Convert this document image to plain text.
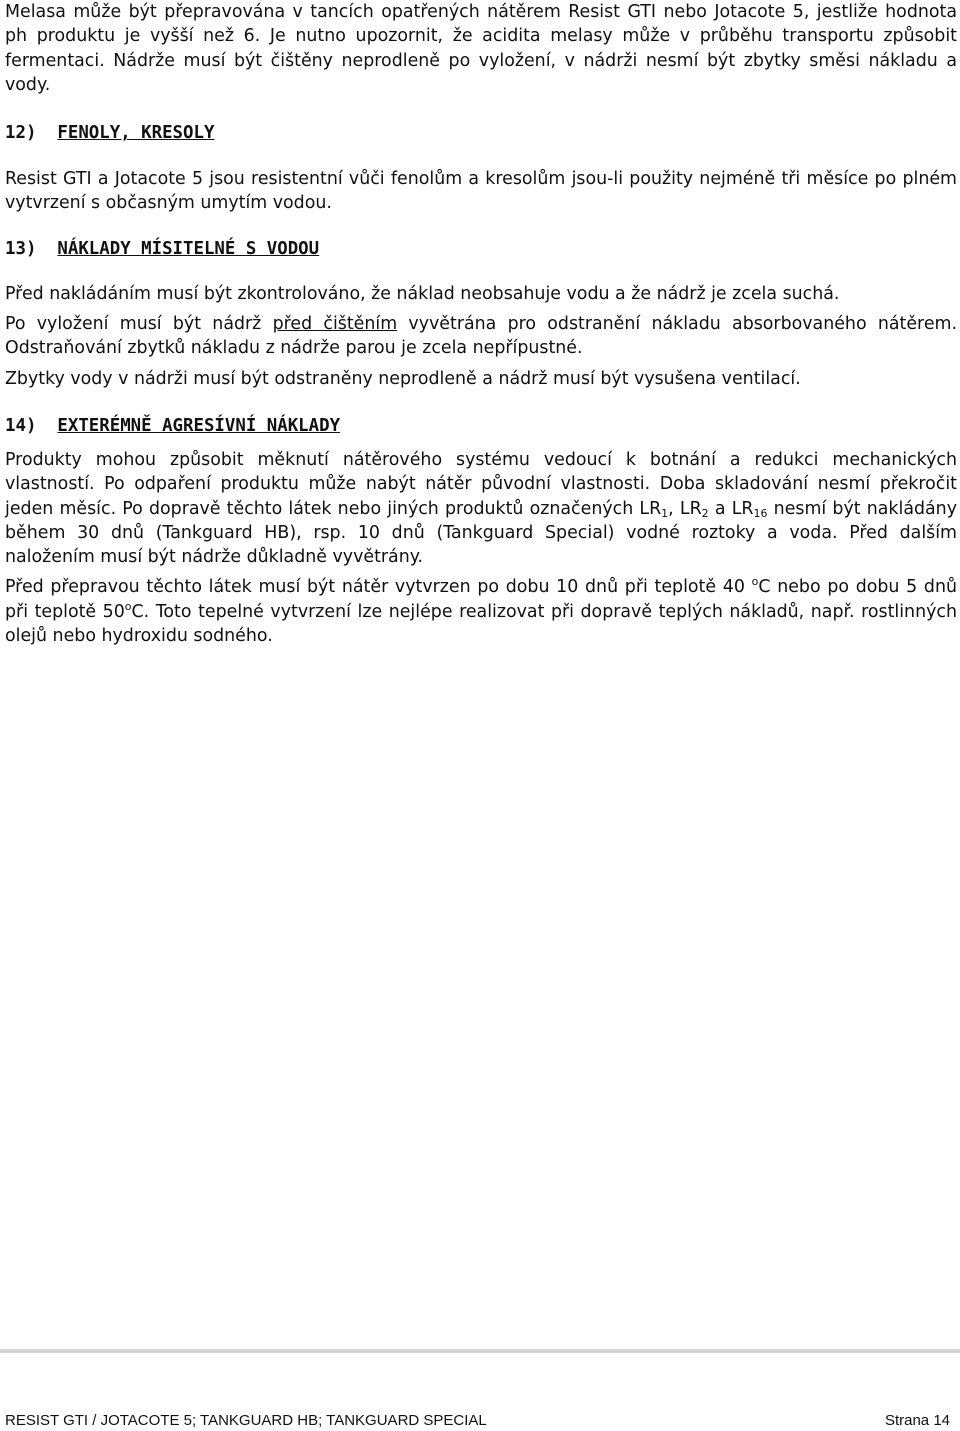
Melasa může být přepravována v tancích opatřených nátěrem Resist GTI nebo Jotacote 5, jestliže hodnota ph produktu je vyšší než 6. Je nutno upozornit, že acidita melasy může v průběhu transportu způsobit fermentaci. Nádrže musí být čištěny neprodleně po vyložení, v nádrži nesmí být zbytky směsi nákladu a vody.

12) FENOLY, KRESOLY

Resist GTI a Jotacote 5 jsou resistentní vůči fenolům a kresolům jsou-li použity nejméně tři měsíce po plném vytvrzení s občasným umytím vodou.

13) NÁKLADY MÍSITELNÉ S VODOU

Před nakládáním musí být zkontrolováno, že náklad neobsahuje vodu a že nádrž je zcela suchá.

Po vyložení musí být nádrž před čištěním vyvětrána pro odstranění nákladu absorbovaného nátěrem. Odstraňování zbytků nákladu z nádrže parou je zcela nepřípustné.

Zbytky vody v nádrži musí být odstraněny neprodleně a nádrž musí být vysušena ventilací.

14) EXTERÉMNĚ AGRESÍVNÍ NÁKLADY

Produkty mohou způsobit měknutí nátěrového systému vedoucí k botnání a redukci mechanických vlastností. Po odpaření produktu může nabýt nátěr původní vlastnosti. Doba skladování nesmí překročit jeden měsíc. Po dopravě těchto látek nebo jiných produktů označených $LR_1$, $LR_2$ a $LR_{16}$ nesmí být nakládány během 30 dnů (Tankguard HB), rsp. 10 dnů (Tankguard Special) vodné roztoky a voda. Před dalším naložením musí být nádrže důkladně vyvětrány.

Před přepravou těchto látek musí být nátěr vytvrzen po dobu 10 dnů při teplotě 40 $^o$C nebo po dobu 5 dnů při teplotě 50$^o$C. Toto tepelné vytvrzení lze nejlépe realizovat při dopravě teplých nákladů, např. rostlinných olejů nebo hydroxidu sodného.

RESIST GTI / JOTACOTE 5; TANKGUARD HB; TANKGUARD SPECIAL	Strana 14
